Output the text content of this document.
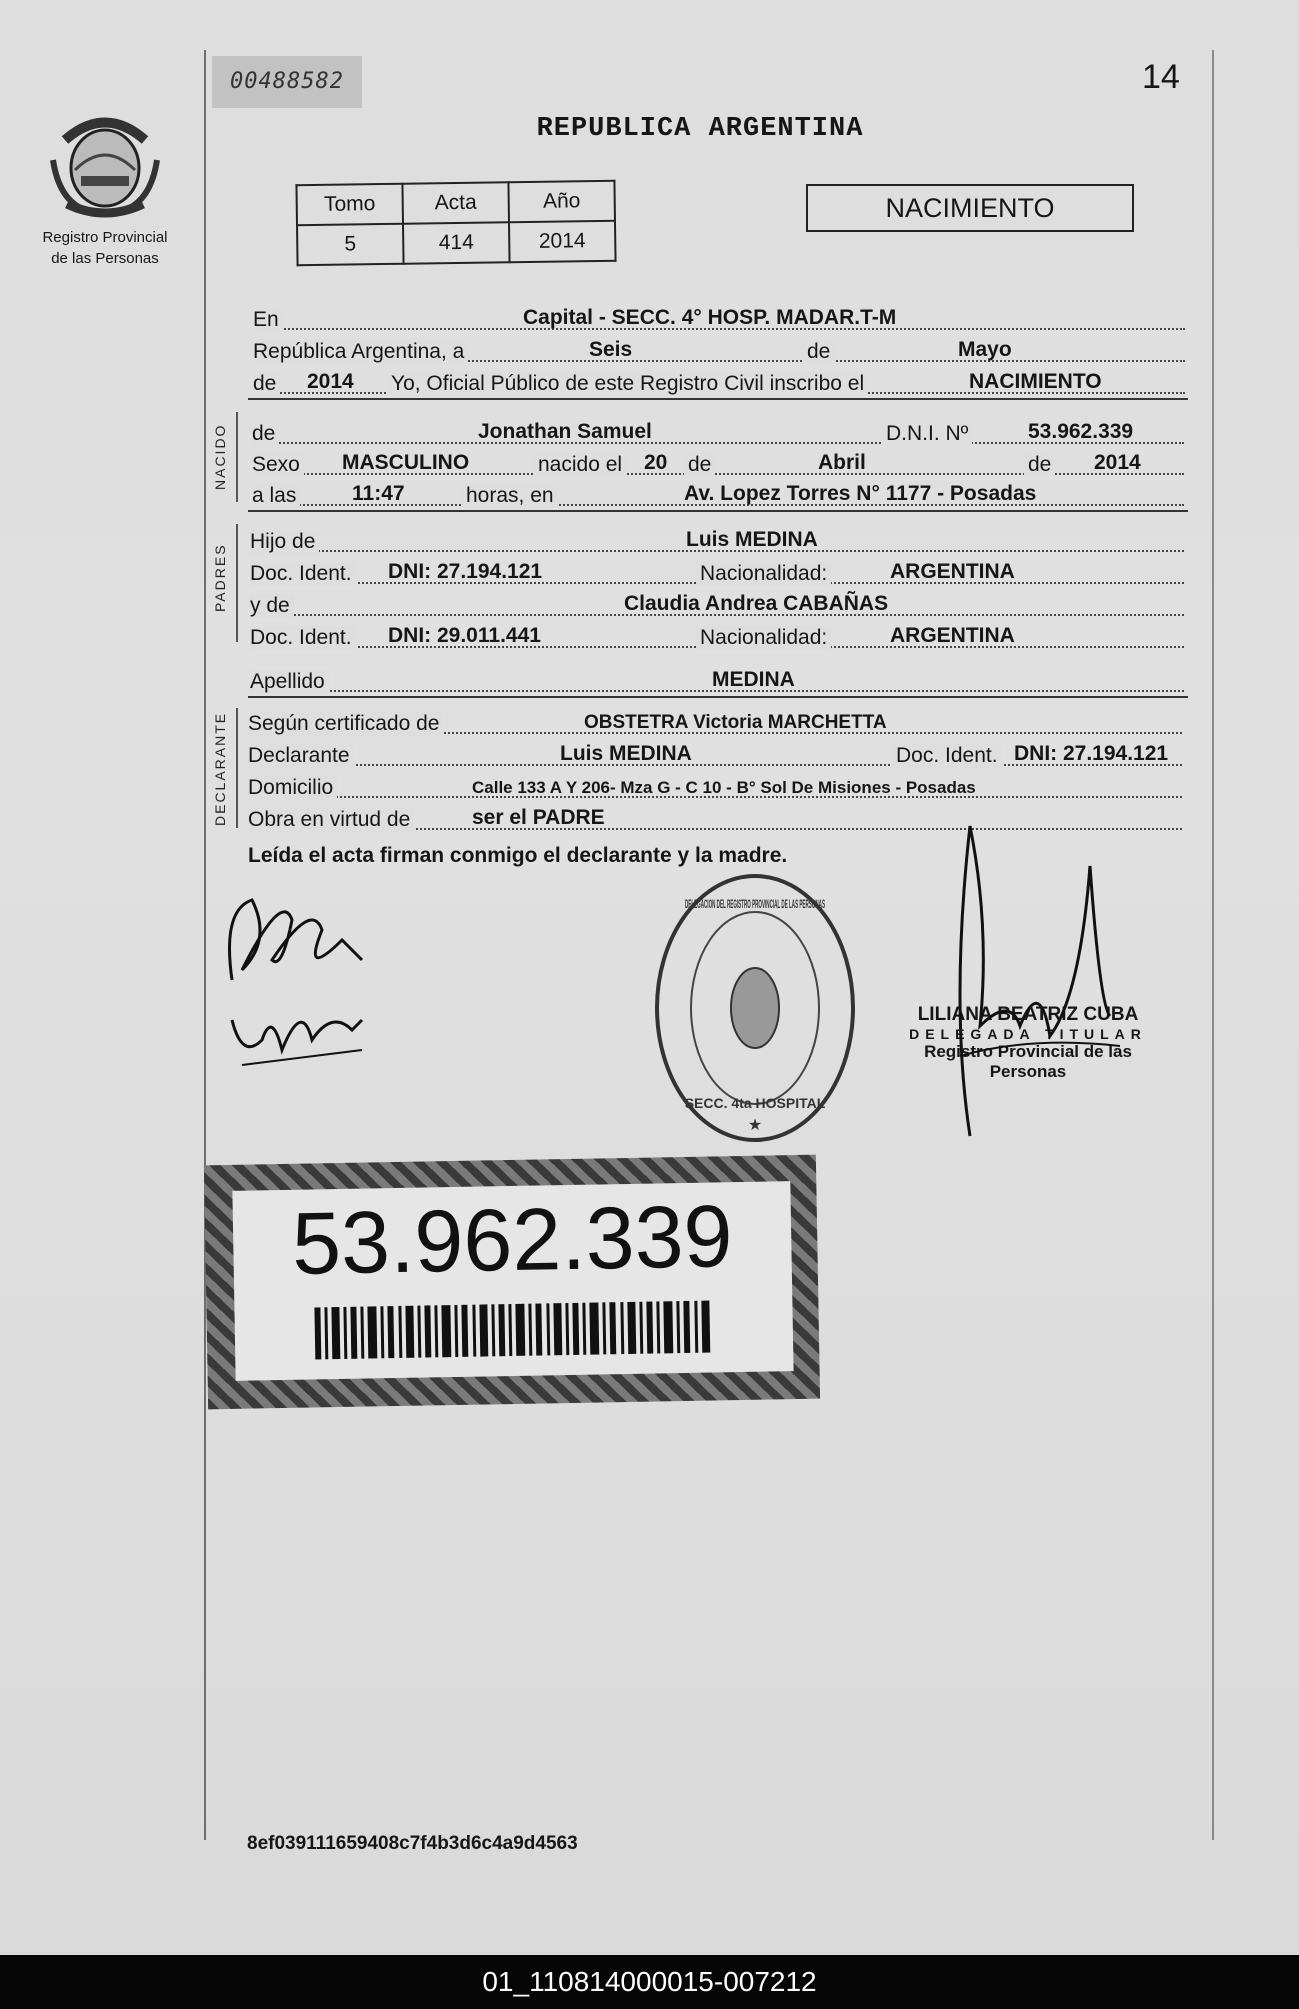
00488582	14
Registro Provincial
de las Personas
REPUBLICA ARGENTINA
Tomo	Acta	Año
5	414	2014
NACIMIENTO
En	Capital - SECC. 4° HOSP. MADAR.T-M
República Argentina, a	Seis	de	Mayo
de 2014 Yo, Oficial Público de este Registro Civil inscribo el	NACIMIENTO
NACIDO de	Jonathan Samuel	D.N.I. Nº	53.962.339
Sexo MASCULINO	nacido el 20 de	Abril	de 2014
a las	11:47	horas, en	Av. Lopez Torres N° 1177 - Posadas
PADRES
Hijo de	Luis MEDINA
Doc. Ident. DNI: 27.194.121	Nacionalidad:	ARGENTINA
y de	Claudia Andrea CABAÑAS
Doc. Ident. DNI: 29.011.441	Nacionalidad:	ARGENTINA
Apellido	MEDINA
DECLARANTE Según certificado de	OBSTETRA Victoria MARCHETTA
Declarante	Luis MEDINA	Doc. Ident. DNI: 27.194.121
Domicilio	Calle 133 A Y 206- Mza G - C 10 - B° Sol De Misiones - Posadas
Obra en virtud de	ser el PADRE
Leída el acta firman conmigo el declarante y la madre.
DELEGACION DEL REGISTRO PROVINCIAL DE LAS PERSONAS
SECC. 4ta HOSPITAL
★
LILIANA BEATRIZ CUBA
DELEGADA TITULAR
Registro Provincial de las Personas
53.962.339
8ef039111659408c7f4b3d6c4a9d4563
01_110814000015-007212
